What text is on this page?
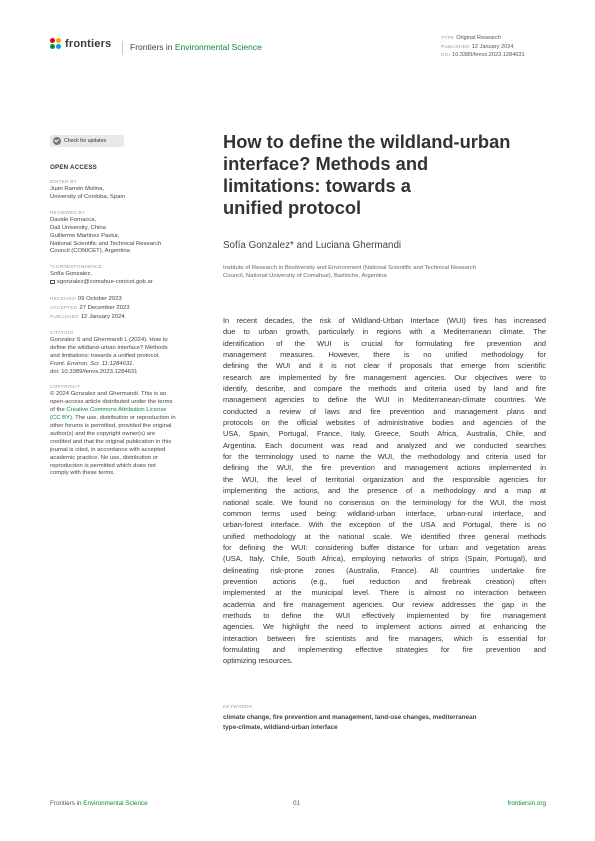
frontiers Frontiers in Environmental Science
TYPE Original Research
PUBLISHED 12 January 2024
DOI 10.3389/fenvs.2023.1284631
Check for updates
OPEN ACCESS
EDITED BY
Juan Ramón Molina,
University of Cordoba, Spain
REVIEWED BY
Davide Fornacca,
Dali University, China
Guillermo Martinez Pastur,
National Scientific and Technical Research
Council (CONICET), Argentina
*CORRESPONDENCE
Sofía Gonzalez,
sgonzalez@comahue-conicet.gob.ar
RECEIVED 09 October 2023
ACCEPTED 27 December 2023
PUBLISHED 12 January 2024
CITATION
Gonzalez S and Ghermandi L (2024). How to
define the wildland-urban interface? Methods
and limitations: towards a unified protocol.
Front. Environ. Sci. 11:1284631.
doi: 10.3389/fenvs.2023.1284631
COPYRIGHT
© 2024 Gonzalez and Ghermandi. This is an
open-access article distributed under the terms
of the Creative Commons Attribution License
(CC BY). The use, distribution or reproduction in
other forums is permitted, provided the original
author(s) and the copyright owner(s) are
credited and that the original publication in this
journal is cited, in accordance with accepted
academic practice. No use, distribution or
reproduction is permitted which does not
comply with these terms.
How to define the wildland-urban
interface? Methods and
limitations: towards a
unified protocol
Sofía Gonzalez* and Luciana Ghermandi
Institute of Research in Biodiversity and Environment (National Scientific and Technical Research
Council, National University of Comahue), Bariloche, Argentina
In recent decades, the risk of Wildland-Urban Interface (WUI) fires has increased
due to urban growth, particularly in regions with a Mediterranean climate. The
identification of the WUI is crucial for formulating fire prevention and
management measures. However, there is no unified methodology for
defining the WUI and it is not clear if proposals that emerge from scientific
research are implemented by fire management agencies. Our objectives were to
identify, describe, and compare the methods and criteria used by land and fire
management agencies to define the WUI in Mediterranean-climate countries. We
conducted a review of laws and fire prevention and management plans and
protocols on the official websites of administrative bodies and agencies of the
USA, Spain, Portugal, France, Italy, Greece, South Africa, Australia, Chile, and
Argentina. Each document was read and analyzed and we conducted searches
for the terminology used to name the WUI, the methodology and criteria used for
defining the WUI, the fire prevention and management actions implemented in
the WUI, the level of territorial organization and the responsible agencies for
implementing the actions, and the presence of a methodology and a map at
national scale. We found no consensus on the terminology for the WUI, the most
common terms used being: wildland-urban interface, urban-rural interface, and
urban-forest interface. With the exception of the USA and Portugal, there is no
unified methodology at the national scale. We identified three general methods
for defining the WUI: considering buffer distance for urban and vegetation areas
(USA, Italy, Chile, South Africa), employing networks of strips (Spain, Portugal), and
delineating risk-prone zones (Australia, France). All countries undertake fire
prevention actions (e.g., fuel reduction and firebreak creation) often
implemented at the municipal level. There is almost no interaction between
academia and fire management agencies. Our review addresses the gap in the
methods to define the WUI effectively implemented by fire management
agencies. We highlight the need to implement actions aimed at enhancing the
interaction between fire scientists and fire managers, which is essential for
formulating and implementing effective strategies for fire prevention and
optimizing resources.
KEYWORDS
climate change, fire prevention and management, land-use changes, mediterranean
type-climate, wildland-urban interface
Frontiers in Environmental Science	01	frontiersin.org
